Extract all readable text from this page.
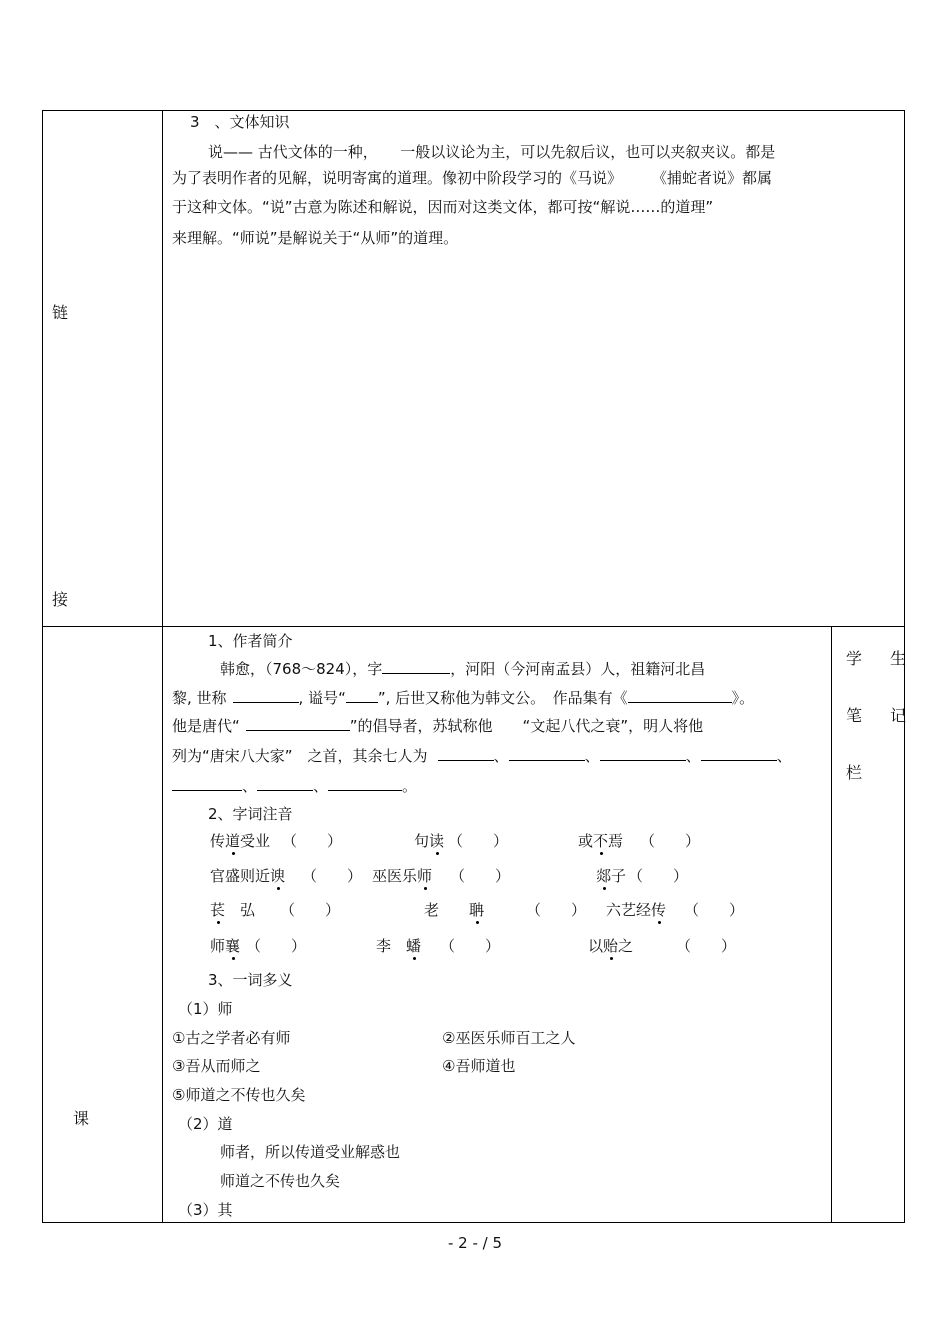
链
接
3　、文体知识
说—— 古代文体的一种，　　一般以议论为主，可以先叙后议，也可以夹叙夹议。都是
为了表明作者的见解，说明寄寓的道理。像初中阶段学习的《马说》　　　《捕蛇者说》都属
于这种文体。“说”古意为陈述和解说，因而对这类文体，都可按“解说……的道理”
来理解。“师说”是解说关于“从师”的道理。
课
学　生
笔　记
栏
1、作者简介
韩愈，（768～824），字	，河阳（今河南孟县）人，祖籍河北昌
黎, 世称	, 谥号“ ”, 后世又称他为韩文公。　作品集有《	》。
他是唐代“	”的倡导者，苏轼称他　　“文起八代之衰”，明人将他
列为“唐宋八大家”　之首，其余七人为	、	、	、	、
、	、	。
2、字词注音
传道受业 （　　）	句读 （　　）	或不焉 （　　）
官盛则近谀 （　　） 巫医乐师 （　　）	郯子 （　　）
苌　弘 （　　）	老　　聃	（　　） 六艺经传 （　　）
师襄 （　　）	李　蟠 （　　）	以贻之	（　　）
3、一词多义
（1）师
①古之学者必有师	②巫医乐师百工之人
③吾从而师之	④吾师道也
⑤师道之不传也久矣
（2）道
师者，所以传道受业解惑也
师道之不传也久矣
（3）其
- 2 - / 5
